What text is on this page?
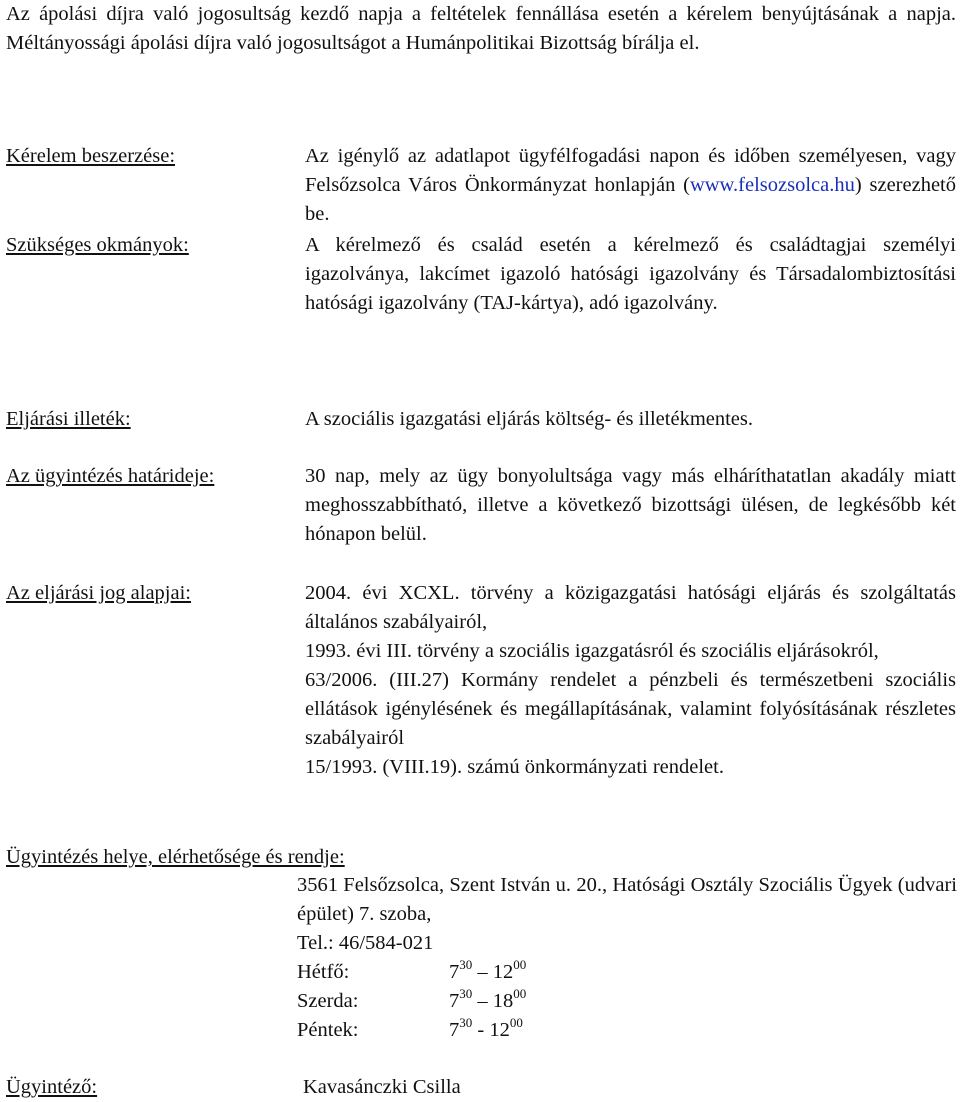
Az ápolási díjra való jogosultság kezdő napja a feltételek fennállása esetén a kérelem benyújtásának a napja. Méltányossági ápolási díjra való jogosultságot a Humánpolitikai Bizottság bírálja el.
Kérelem beszerzése:	Az igénylő az adatlapot ügyfélfogadási napon és időben személyesen, vagy Felsőzsolca Város Önkormányzat honlapján (www.felsozsolca.hu) szerezhető be.
Szükséges okmányok:	A kérelmező és család esetén a kérelmező és családtagjai személyi igazolványa, lakcímet igazoló hatósági igazolvány és Társadalombiztosítási hatósági igazolvány (TAJ-kártya), adó igazolvány.
Eljárási illeték:	A szociális igazgatási eljárás költség- és illetékmentes.
Az ügyintézés határideje:	30 nap, mely az ügy bonyolultsága vagy más elháríthatatlan akadály miatt meghosszabbítható, illetve a következő bizottsági ülésen, de legkésőbb két hónapon belül.
Az eljárási jog alapjai:	2004. évi XCXL. törvény a közigazgatási hatósági eljárás és szolgáltatás általános szabályairól,
1993. évi III. törvény a szociális igazgatásról és szociális eljárásokról,
63/2006. (III.27) Kormány rendelet a pénzbeli és természetbeni szociális ellátások igénylésének és megállapításának, valamint folyósításának részletes szabályairól
15/1993. (VIII.19). számú önkormányzati rendelet.
Ügyintézés helye, elérhetősége és rendje:
3561 Felsőzsolca, Szent István u. 20., Hatósági Osztály Szociális Ügyek (udvari épület) 7. szoba,
Tel.: 46/584-021
Hétfő:	$7^{30} - 12^{00}$
Szerda:	$7^{30} - 18^{00}$
Péntek:	$7^{30} - 12^{00}$
Ügyintéző:	Kavasánczki Csilla
